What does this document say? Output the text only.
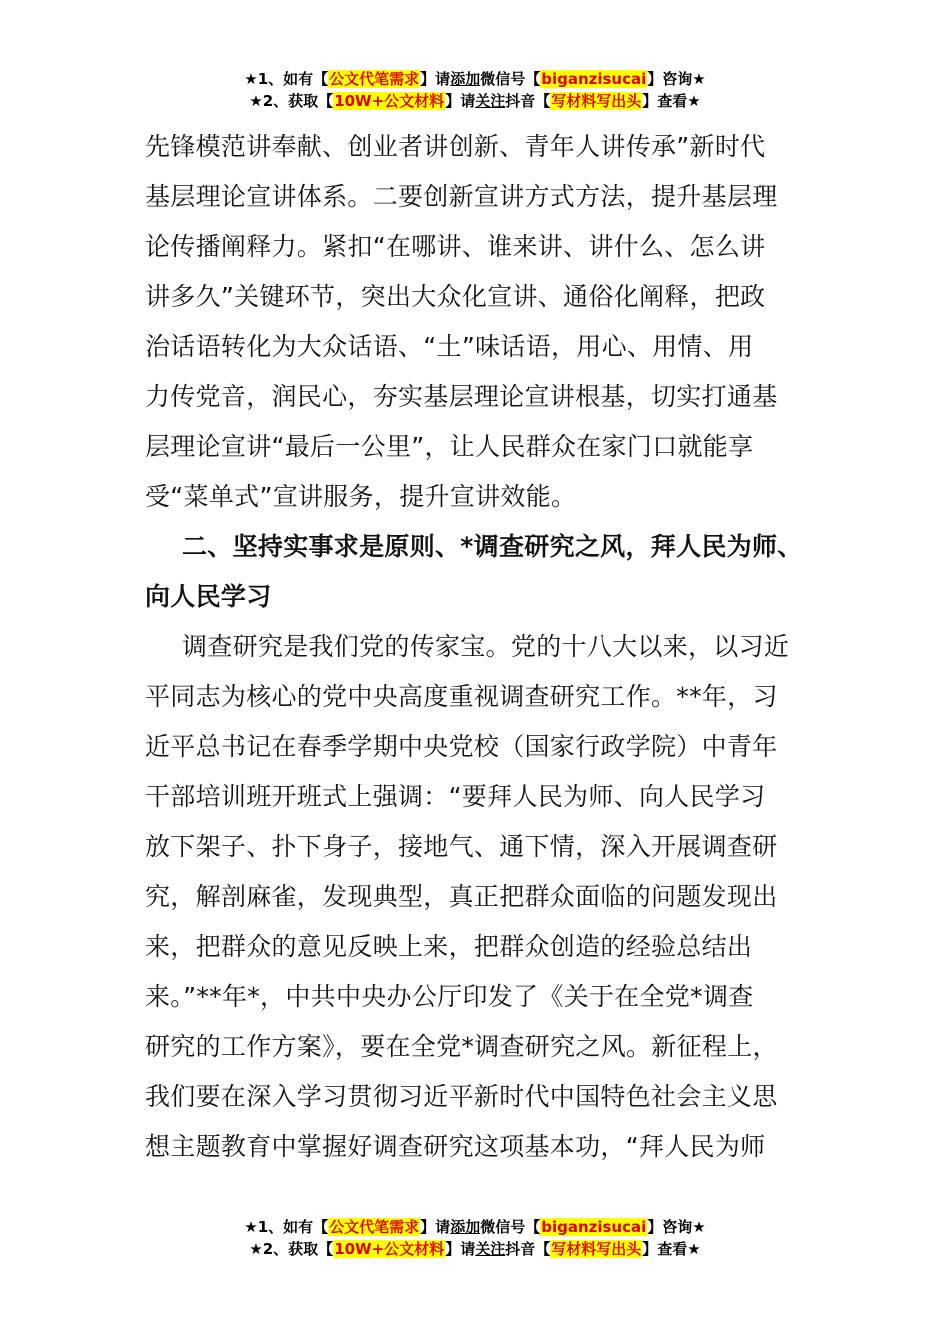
★1、如有【公文代笔需求】请添加微信号【biganzisucai】咨询★
★2、获取【10W+公文材料】请关注抖音【写材料写出头】查看★
先锋模范讲奉献、创业者讲创新、青年人讲传承”新时代
基层理论宣讲体系。二要创新宣讲方式方法，提升基层理
论传播阐释力。紧扣“在哪讲、谁来讲、讲什么、怎么讲
讲多久”关键环节，突出大众化宣讲、通俗化阐释，把政
治话语转化为大众话语、“土”味话语，用心、用情、用
力传党音，润民心，夯实基层理论宣讲根基，切实打通基
层理论宣讲“最后一公里”，让人民群众在家门口就能享
受“菜单式”宣讲服务，提升宣讲效能。
二、坚持实事求是原则、*调查研究之风，拜人民为师、
向人民学习
调查研究是我们党的传家宝。党的十八大以来，以习近
平同志为核心的党中央高度重视调查研究工作。**年，习
近平总书记在春季学期中央党校（国家行政学院）中青年
干部培训班开班式上强调：“要拜人民为师、向人民学习
放下架子、扑下身子，接地气、通下情，深入开展调查研
究，解剖麻雀，发现典型，真正把群众面临的问题发现出
来，把群众的意见反映上来，把群众创造的经验总结出
来。”**年*，中共中央办公厅印发了《关于在全党*调查
研究的工作方案》，要在全党*调查研究之风。新征程上，
我们要在深入学习贯彻习近平新时代中国特色社会主义思
想主题教育中掌握好调查研究这项基本功，“拜人民为师
★1、如有【公文代笔需求】请添加微信号【biganzisucai】咨询★
★2、获取【10W+公文材料】请关注抖音【写材料写出头】查看★
